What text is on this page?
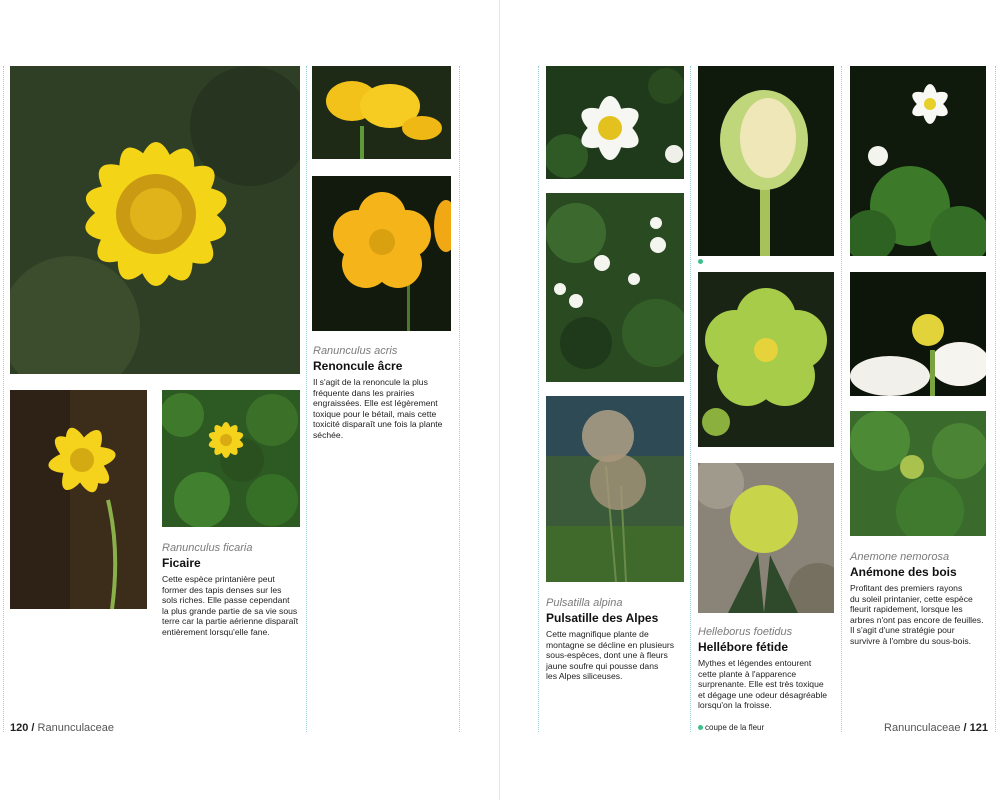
Ranunculus acris
Renoncule âcre
Il s'agit de la renoncule la plus
fréquente dans les prairies
engraissées. Elle est légèrement
toxique pour le bétail, mais cette
toxicité disparaît une fois la plante
séchée.
Ranunculus ficaria
Ficaire
Cette espèce printanière peut
former des tapis denses sur les
sols riches. Elle passe cependant
la plus grande partie de sa vie sous
terre car la partie aérienne disparaît
entièrement lorsqu'elle fane.
120 / Ranunculaceae
Pulsatilla alpina
Pulsatille des Alpes
Cette magnifique plante de
montagne se décline en plusieurs
sous-espèces, dont une à fleurs
jaune soufre qui pousse dans
les Alpes siliceuses.
Helleborus foetidus
Hellébore fétide
Mythes et légendes entourent
cette plante à l'apparence
surprenante. Elle est très toxique
et dégage une odeur désagréable
lorsqu'on la froisse.
Anemone nemorosa
Anémone des bois
Profitant des premiers rayons
du soleil printanier, cette espèce
fleurit rapidement, lorsque les
arbres n'ont pas encore de feuilles.
Il s'agit d'une stratégie pour
survivre à l'ombre du sous-bois.
coupe de la fleur	Ranunculaceae / 121
